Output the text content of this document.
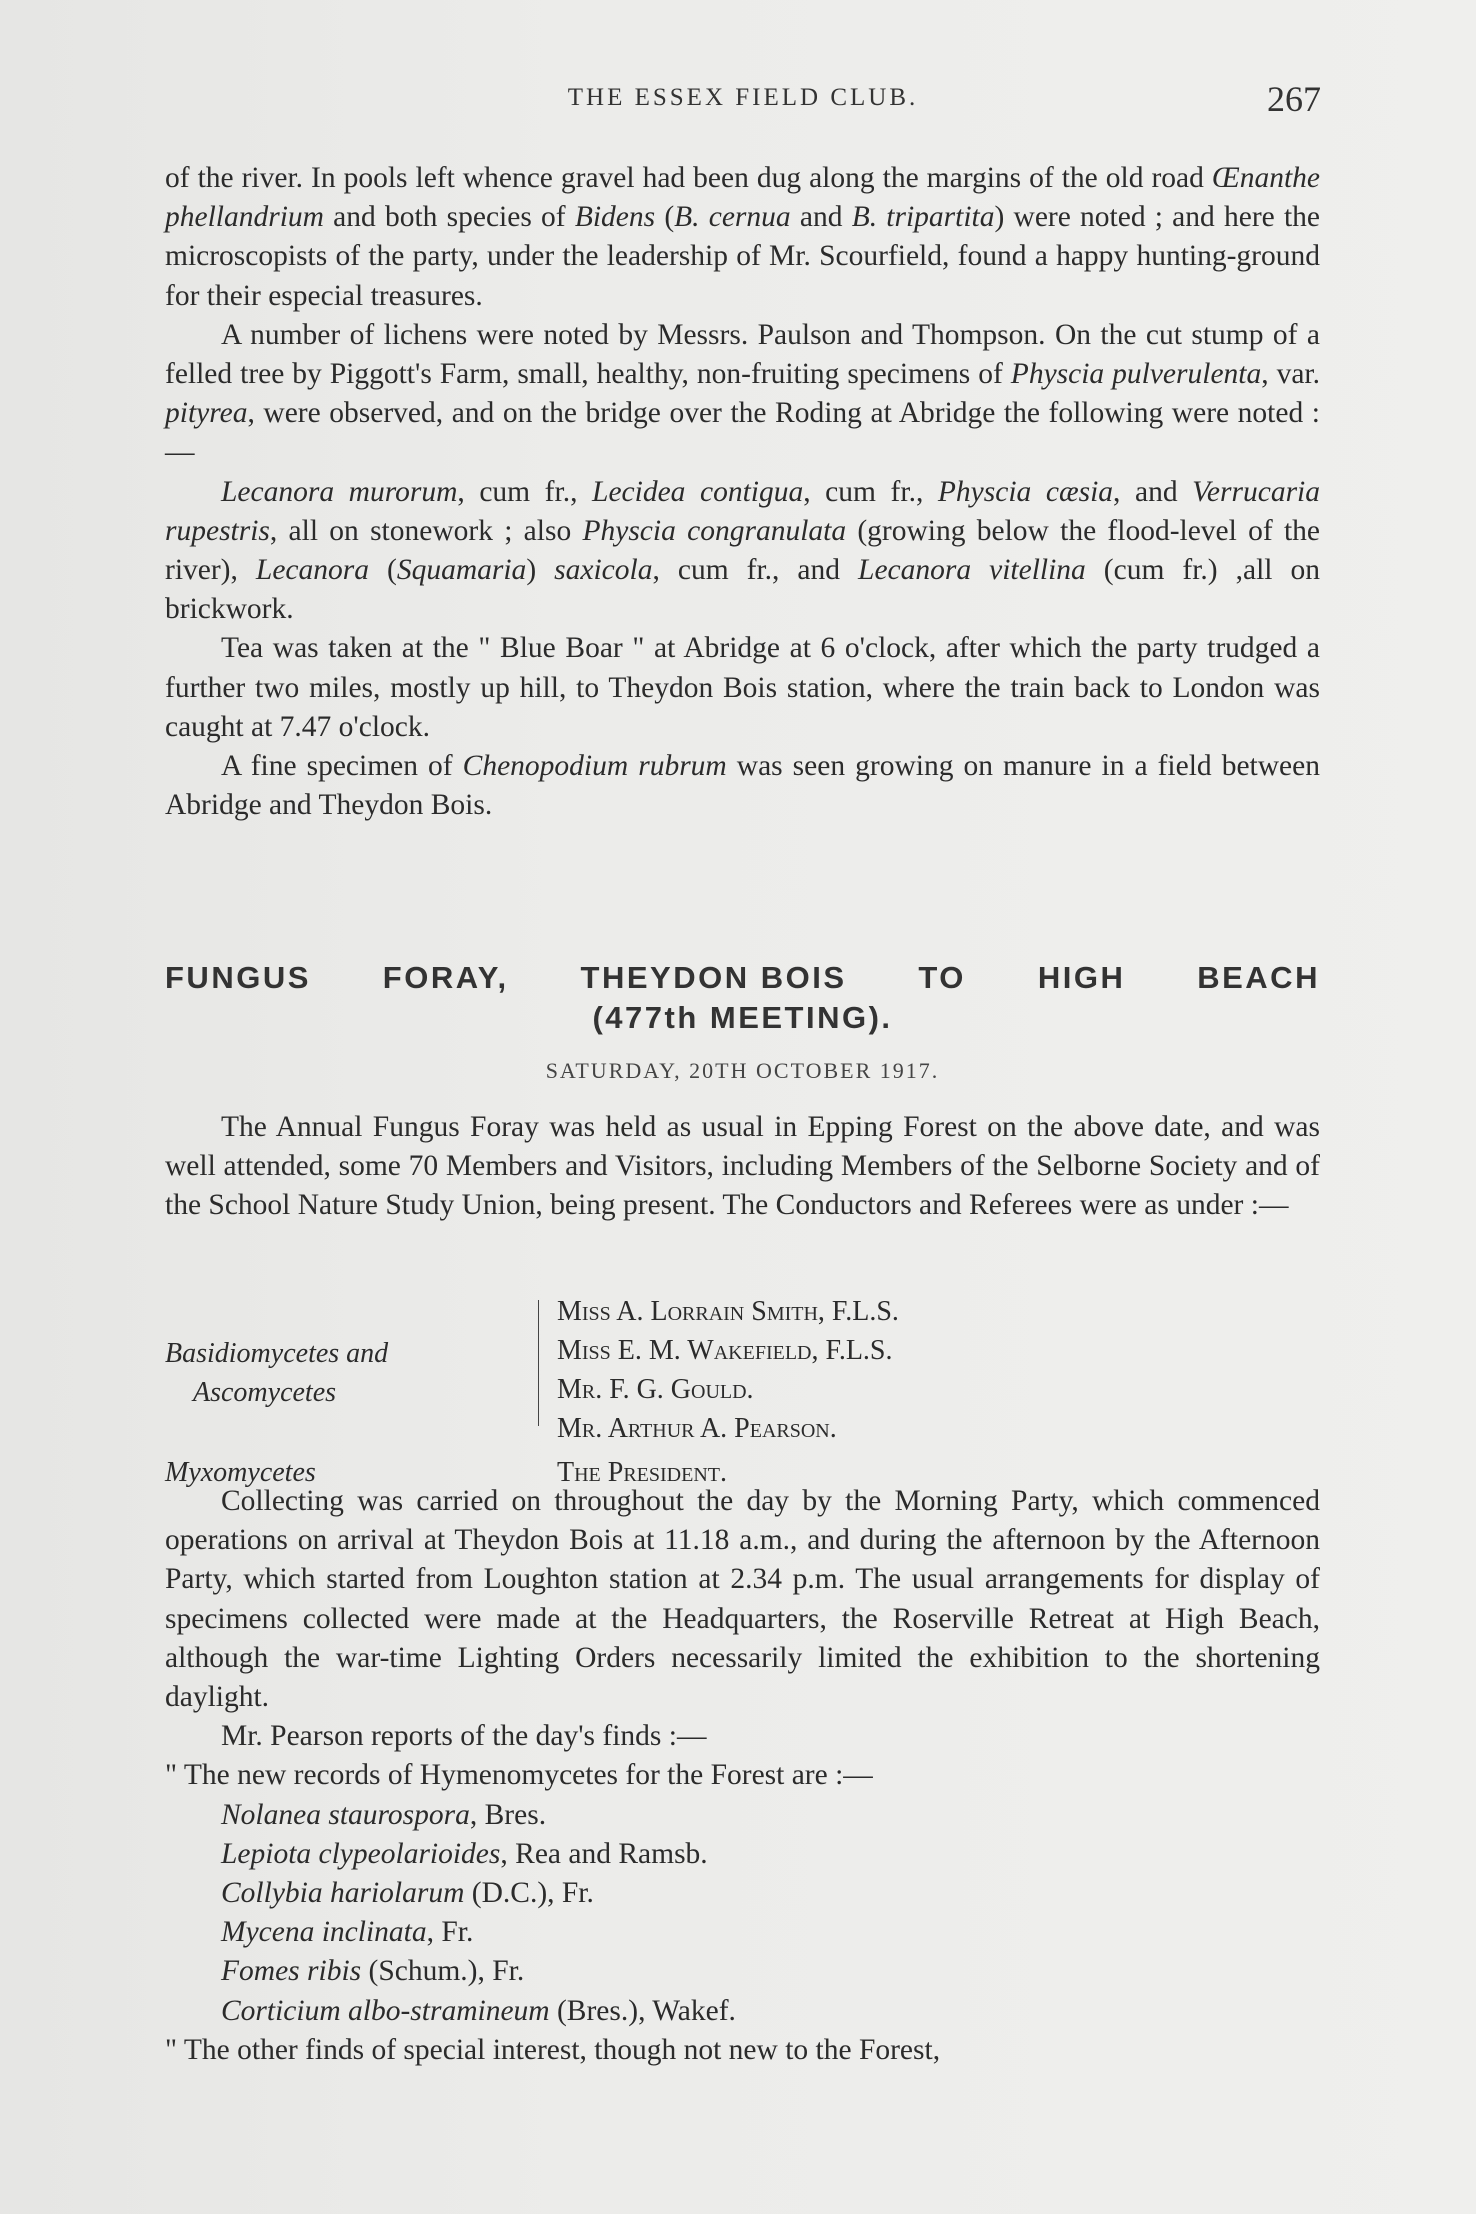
THE ESSEX FIELD CLUB.	267

of the river. In pools left whence gravel had been dug along the margins of the old road Œnanthe phellandrium and both species of Bidens (B. cernua and B. tripartita) were noted ; and here the microscopists of the party, under the leadership of Mr. Scourfield, found a happy hunting-ground for their especial treasures.

A number of lichens were noted by Messrs. Paulson and Thompson. On the cut stump of a felled tree by Piggott's Farm, small, healthy, non-fruiting specimens of Physcia pulverulenta, var. pityrea, were observed, and on the bridge over the Roding at Abridge the following were noted :—

Lecanora murorum, cum fr., Lecidea contigua, cum fr., Physcia cæsia, and Verrucaria rupestris, all on stonework ; also Physcia congranulata (growing below the flood-level of the river), Lecanora (Squamaria) saxicola, cum fr., and Lecanora vitellina (cum fr.) ,all on brickwork.

Tea was taken at the " Blue Boar " at Abridge at 6 o'clock, after which the party trudged a further two miles, mostly up hill, to Theydon Bois station, where the train back to London was caught at 7.47 o'clock.

A fine specimen of Chenopodium rubrum was seen growing on manure in a field between Abridge and Theydon Bois.

FUNGUS FORAY, THEYDON BOIS TO HIGH BEACH
(477th MEETING).
SATURDAY, 20TH OCTOBER 1917.

The Annual Fungus Foray was held as usual in Epping Forest on the above date, and was well attended, some 70 Members and Visitors, including Members of the Selborne Society and of the School Nature Study Union, being present. The Conductors and Referees were as under :—

Basidiomycetes and
Ascomycetes
Miss A. Lorrain Smith, F.L.S.
Miss E. M. Wakefield, F.L.S.
Mr. F. G. Gould.
Mr. Arthur A. Pearson.
Myxomycetes	The President.

Collecting was carried on throughout the day by the Morning Party, which commenced operations on arrival at Theydon Bois at 11.18 a.m., and during the afternoon by the Afternoon Party, which started from Loughton station at 2.34 p.m. The usual arrangements for display of specimens collected were made at the Headquarters, the Roserville Retreat at High Beach, although the war-time Lighting Orders necessarily limited the exhibition to the shortening daylight.

Mr. Pearson reports of the day's finds :—

" The new records of Hymenomycetes for the Forest are :—

Nolanea staurospora, Bres.

Lepiota clypeolarioides, Rea and Ramsb.

Collybia hariolarum (D.C.), Fr.

Mycena inclinata, Fr.

Fomes ribis (Schum.), Fr.

Corticium albo-stramineum (Bres.), Wakef.

" The other finds of special interest, though not new to the Forest,
